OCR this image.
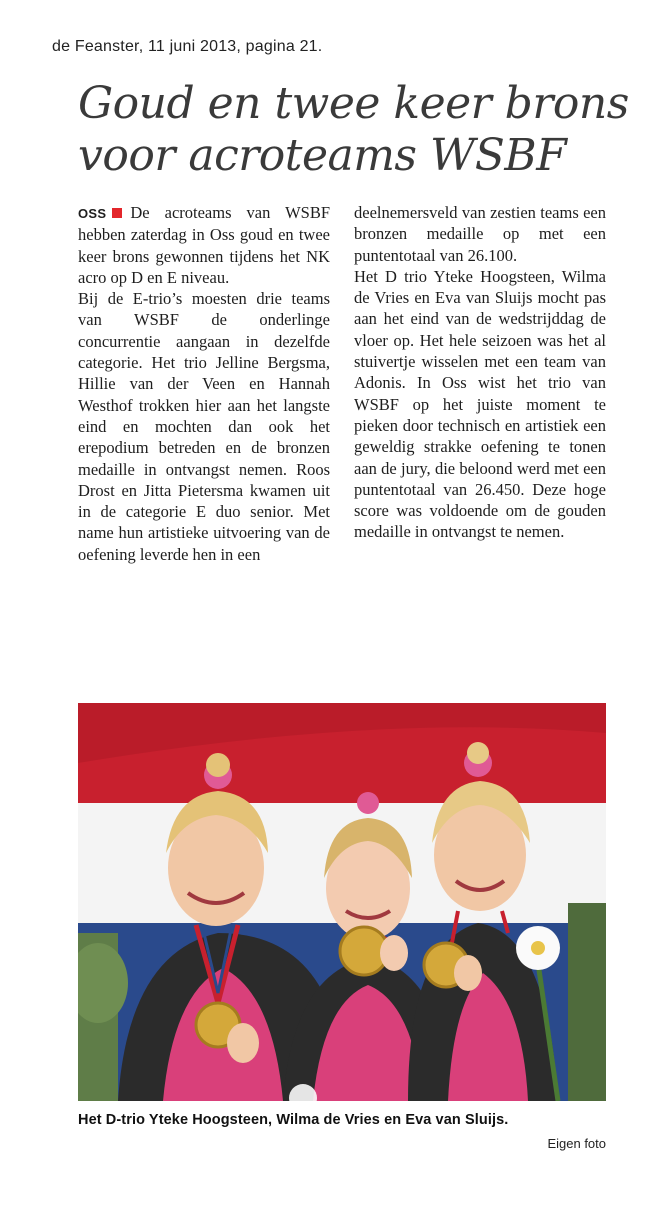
de Feanster, 11 juni 2013, pagina 21.
Goud en twee keer brons
voor acroteams WSBF

OSS De acroteams van WSBF hebben zaterdag in Oss goud en twee keer brons gewonnen tijdens het NK acro op D en E niveau.

Bij de E-trio’s moesten drie teams van WSBF de onderlinge concurrentie aangaan in dezelfde categorie. Het trio Jelline Bergsma, Hillie van der Veen en Hannah Westhof trokken hier aan het langste eind en mochten dan ook het erepodium betreden en de bronzen medaille in ontvangst nemen. Roos Drost en Jitta Pietersma kwamen uit in de categorie E duo senior. Met name hun artistieke uitvoering van de oefening leverde hen in een

deelnemersveld van zestien teams een bronzen medaille op met een puntentotaal van 26.100.

Het D trio Yteke Hoogsteen, Wilma de Vries en Eva van Sluijs mocht pas aan het eind van de wedstrijddag de vloer op. Het hele seizoen was het al stuivertje wisselen met een team van Adonis. In Oss wist het trio van WSBF op het juiste moment te pieken door technisch en artistiek een geweldig strakke oefening te tonen aan de jury, die beloond werd met een puntentotaal van 26.450. Deze hoge score was voldoende om de gouden medaille in ontvangst te nemen.

Het D-trio Yteke Hoogsteen, Wilma de Vries en Eva van Sluijs.
Eigen foto
